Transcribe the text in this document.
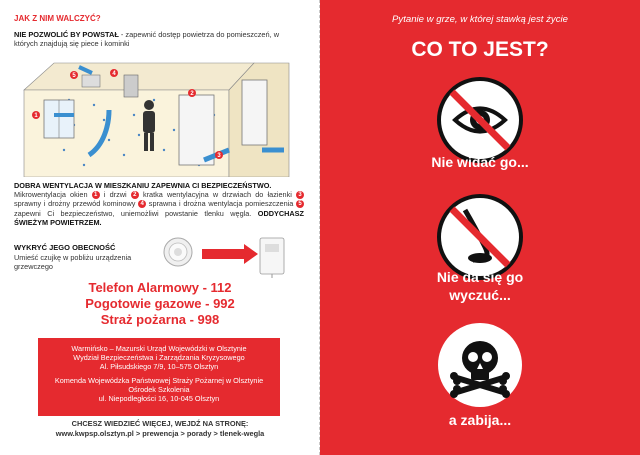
JAK Z NIM WALCZYĆ?
NIE POZWOLIĆ BY POWSTAŁ - zapewnić dostęp powietrza do pomieszczeń, w których znajdują się piece i kominki
1
2
3
4
5
DOBRA WENTYLACJA W MIESZKANIU ZAPEWNIA CI BEZPIECZEŃSTWO.
Mikrowentylacja okien 1 i drzwi 2 kratka wentylacyjna w drzwiach do łazienki 3 sprawny i drożny przewód kominowy 4 sprawna i drożna wentylacja pomieszczenia 5 zapewni Ci bezpieczeństwo, uniemożliwi powstanie tlenku węgla. ODDYCHASZ ŚWIEŻYM POWIETRZEM.
WYKRYĆ JEGO OBECNOŚĆ
Umieść czujkę w pobliżu urządzenia grzewczego
Telefon Alarmowy - 112
Pogotowie gazowe - 992
Straż pożarna - 998
Warmińsko – Mazurski Urząd Wojewódzki w Olsztynie
Wydział Bezpieczeństwa i Zarządzania Kryzysowego
Al. Piłsudskiego 7/9, 10–575 Olsztyn
Komenda Wojewódzka Państwowej Straży Pożarnej w Olsztynie
Ośrodek Szkolenia
ul. Niepodległości 16, 10-045 Olsztyn
CHCESZ WIEDZIEĆ WIĘCEJ, WEJDŹ NA STRONĘ:
www.kwpsp.olsztyn.pl > prewencja > porady > tlenek-wegla
Pytanie w grze, w której stawką jest życie
CO TO JEST?
Nie widać go...
Nie da się go
wyczuć...
a zabija...
